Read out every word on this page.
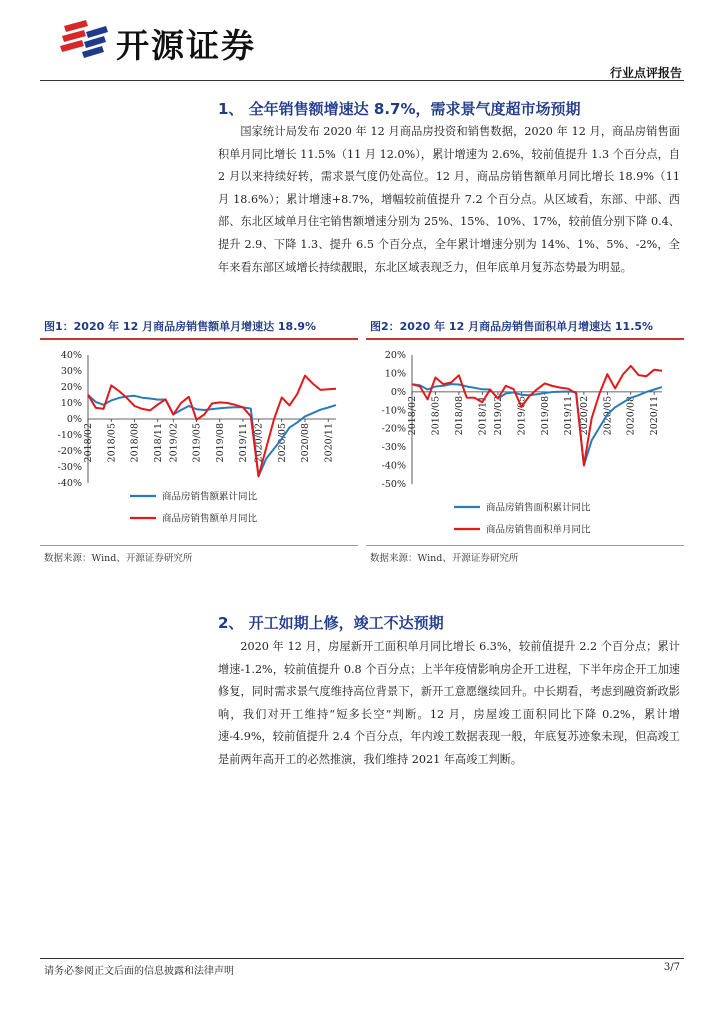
开源证券
行业点评报告
1、 全年销售额增速达 8.7%，需求景气度超市场预期
国家统计局发布 2020 年 12 月商品房投资和销售数据，2020 年 12 月，商品房销售面积单月同比增长 11.5%（11 月 12.0%），累计增速为 2.6%，较前值提升 1.3 个百分点，自 2 月以来持续好转，需求景气度仍处高位。12 月，商品房销售额单月同比增长 18.9%（11 月 18.6%）；累计增速+8.7%，增幅较前值提升 7.2 个百分点。从区域看，东部、中部、西部、东北区域单月住宅销售额增速分别为 25%、15%、10%、17%，较前值分别下降 0.4、提升 2.9、下降 1.3、提升 6.5 个百分点，全年累计增速分别为 14%、1%、5%、-2%，全年来看东部区域增长持续靓眼，东北区域表现乏力，但年底单月复苏态势最为明显。
图1：2020 年 12 月商品房销售额单月增速达 18.9%
40%
30%
20%
10%
0%
-10%
-20%
-30%
-40%
2018/02 2018/05 2018/08 2018/11 2019/02 2019/05 2019/08 2019/11 2020/02 2020/05 2020/08 2020/11
商品房销售额累计同比
商品房销售额单月同比
数据来源：Wind、开源证券研究所
图2：2020 年 12 月商品房销售面积单月增速达 11.5%
20%
10%
0%
-10%
-20%
-30%
-40%
-50%
2018/02 2018/05 2018/08 2018/11 2019/02 2019/05 2019/08 2019/11 2020/02 2020/05 2020/08 2020/11
商品房销售面积累计同比
商品房销售面积单月同比
数据来源：Wind、开源证券研究所
2、 开工如期上修，竣工不达预期
2020 年 12 月，房屋新开工面积单月同比增长 6.3%，较前值提升 2.2 个百分点；累计增速-1.2%，较前值提升 0.8 个百分点；上半年疫情影响房企开工进程，下半年房企开工加速修复，同时需求景气度维持高位背景下，新开工意愿继续回升。中长期看，考虑到融资新政影响，我们对开工维持“短多长空”判断。12 月，房屋竣工面积同比下降 0.2%，累计增速-4.9%，较前值提升 2.4 个百分点，年内竣工数据表现一般，年底复苏迹象未现，但高竣工是前两年高开工的必然推演，我们维持 2021 年高竣工判断。
请务必参阅正文后面的信息披露和法律声明	3/7
